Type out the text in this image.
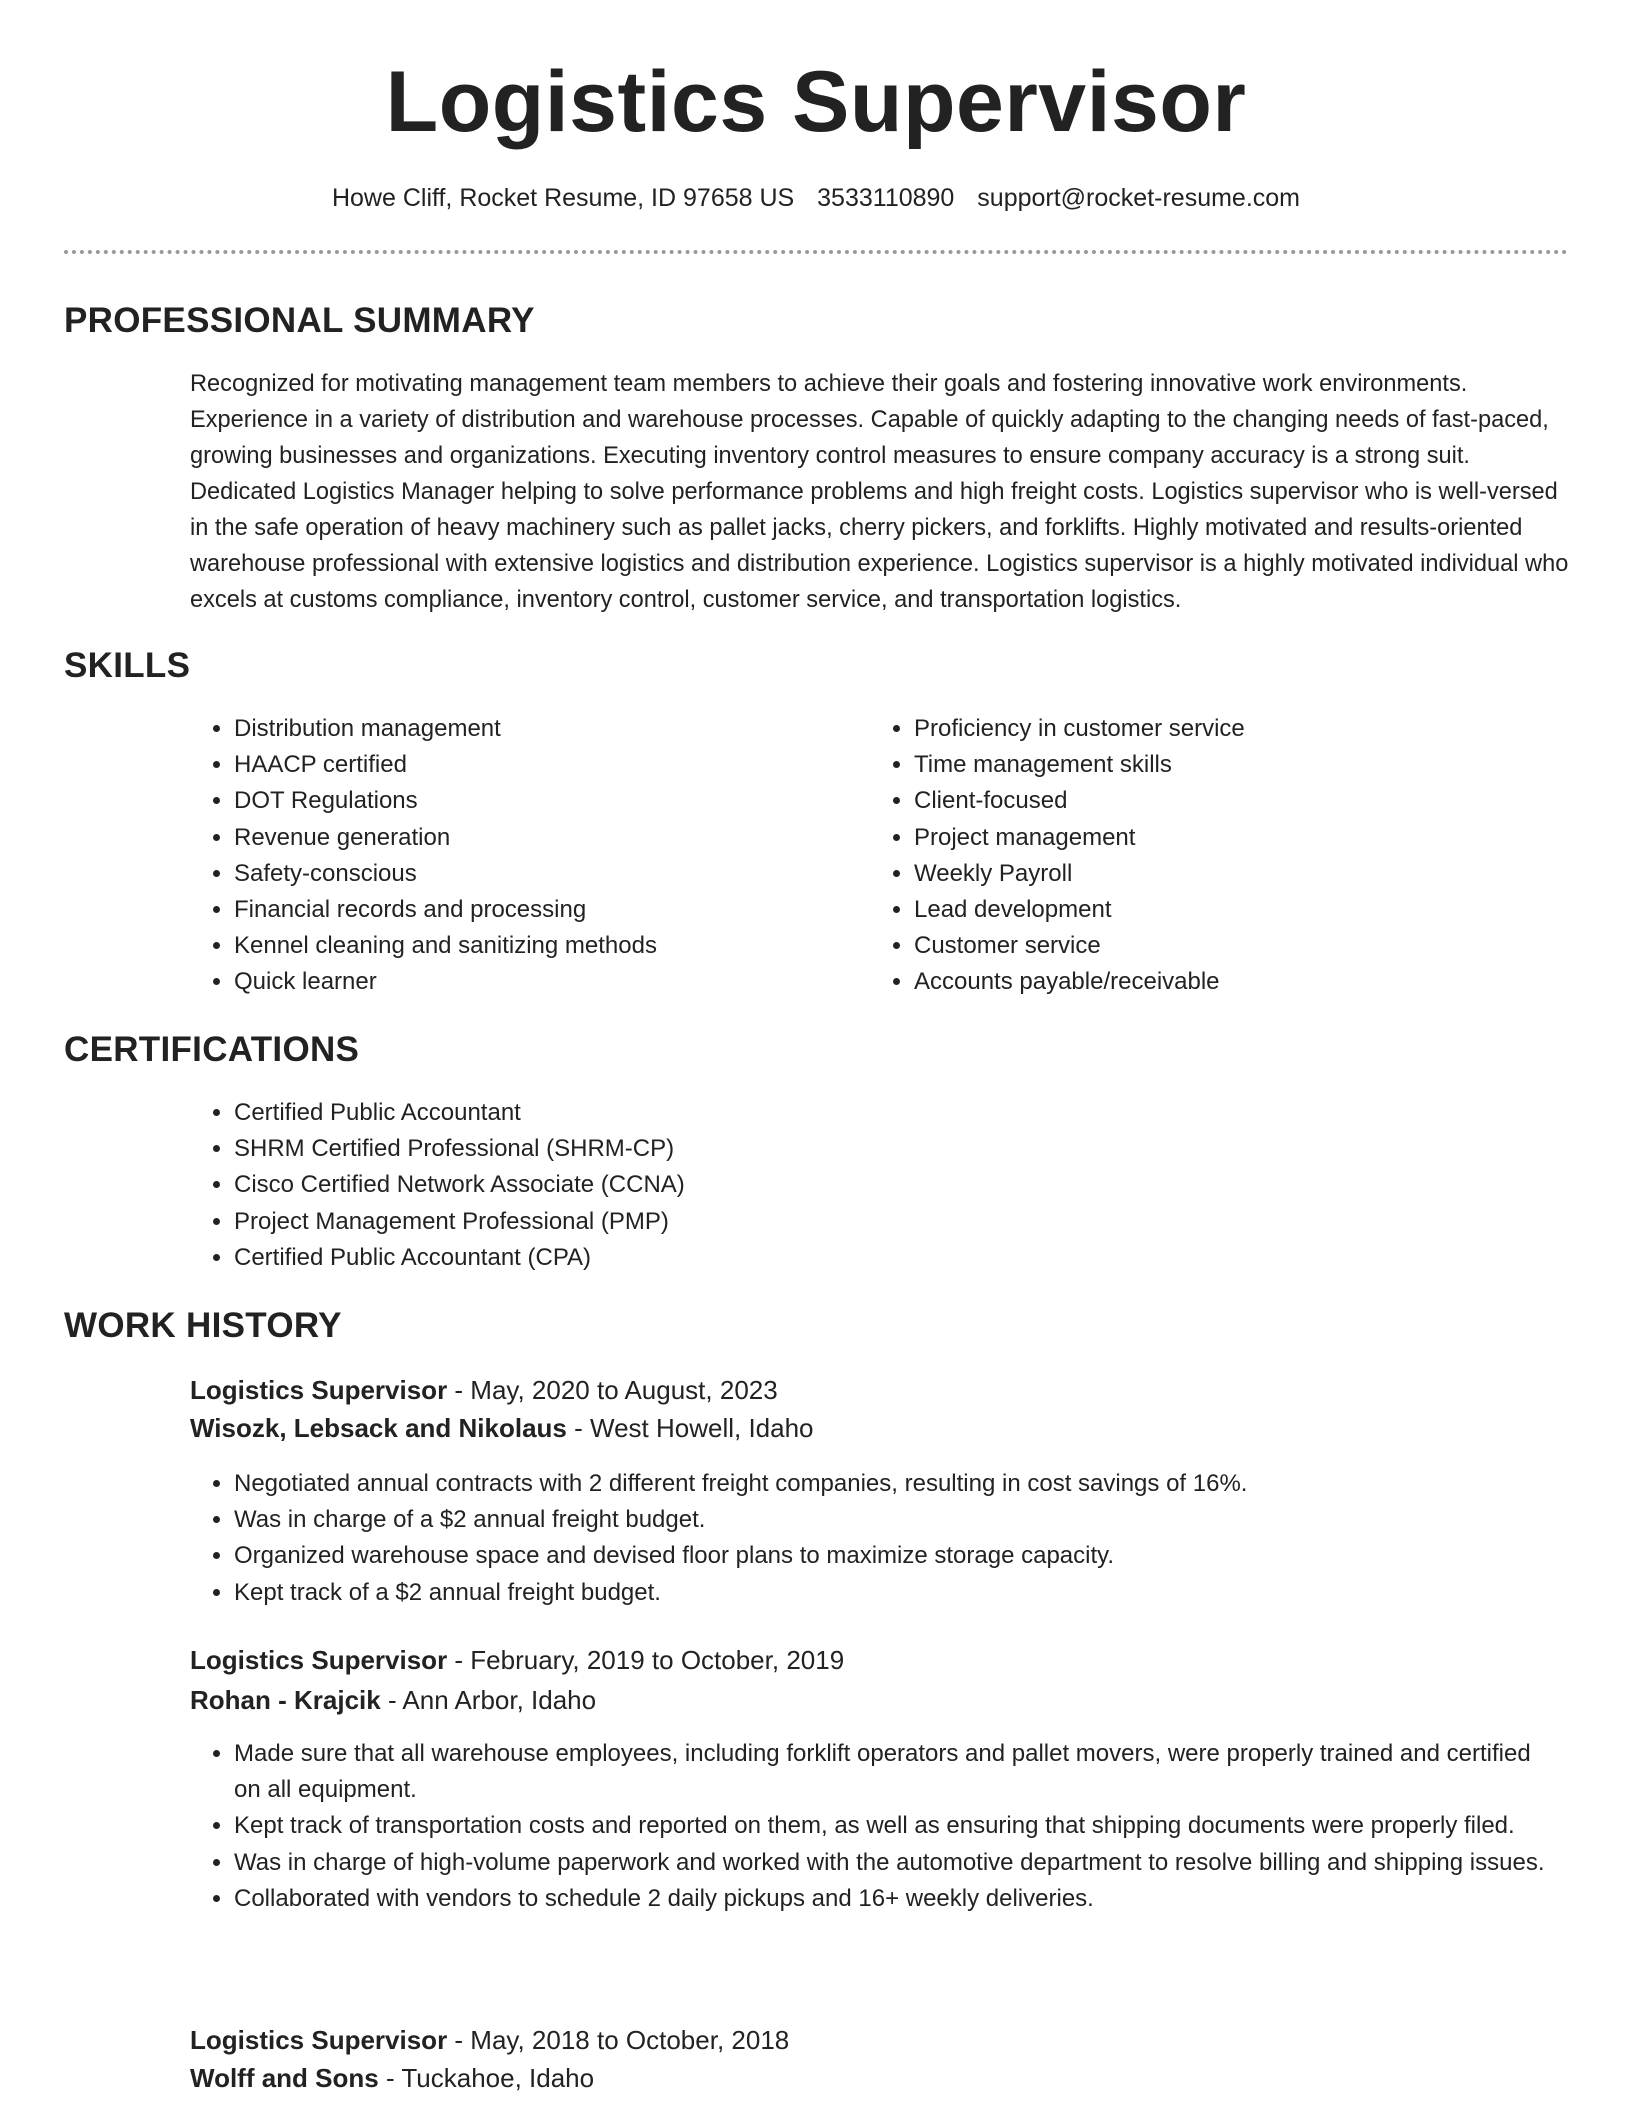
Logistics Supervisor
Howe Cliff, Rocket Resume, ID 97658 US 3533110890 support@rocket-resume.com
PROFESSIONAL SUMMARY

Recognized for motivating management team members to achieve their goals and fostering innovative work environments. Experience in a variety of distribution and warehouse processes. Capable of quickly adapting to the changing needs of fast-paced, growing businesses and organizations. Executing inventory control measures to ensure company accuracy is a strong suit. Dedicated Logistics Manager helping to solve performance problems and high freight costs. Logistics supervisor who is well-versed in the safe operation of heavy machinery such as pallet jacks, cherry pickers, and forklifts. Highly motivated and results-oriented warehouse professional with extensive logistics and distribution experience. Logistics supervisor is a highly motivated individual who excels at customs compliance, inventory control, customer service, and transportation logistics.

SKILLS
• Distribution management
• HAACP certified
• DOT Regulations
• Revenue generation
• Safety-conscious
• Financial records and processing
• Kennel cleaning and sanitizing methods
• Quick learner
• Proficiency in customer service
• Time management skills
• Client-focused
• Project management
• Weekly Payroll
• Lead development
• Customer service
• Accounts payable/receivable
CERTIFICATIONS
• Certified Public Accountant
• SHRM Certified Professional (SHRM-CP)
• Cisco Certified Network Associate (CCNA)
• Project Management Professional (PMP)
• Certified Public Accountant (CPA)
WORK HISTORY
Logistics Supervisor - May, 2020 to August, 2023
Wisozk, Lebsack and Nikolaus - West Howell, Idaho
• Negotiated annual contracts with 2 different freight companies, resulting in cost savings of 16%.
• Was in charge of a $2 annual freight budget.
• Organized warehouse space and devised floor plans to maximize storage capacity.
• Kept track of a $2 annual freight budget.
Logistics Supervisor - February, 2019 to October, 2019
Rohan - Krajcik - Ann Arbor, Idaho
• Made sure that all warehouse employees, including forklift operators and pallet movers, were properly trained and certified on all equipment.
• Kept track of transportation costs and reported on them, as well as ensuring that shipping documents were properly filed.
• Was in charge of high-volume paperwork and worked with the automotive department to resolve billing and shipping issues.
• Collaborated with vendors to schedule 2 daily pickups and 16+ weekly deliveries.
Logistics Supervisor - May, 2018 to October, 2018
Wolff and Sons - Tuckahoe, Idaho
